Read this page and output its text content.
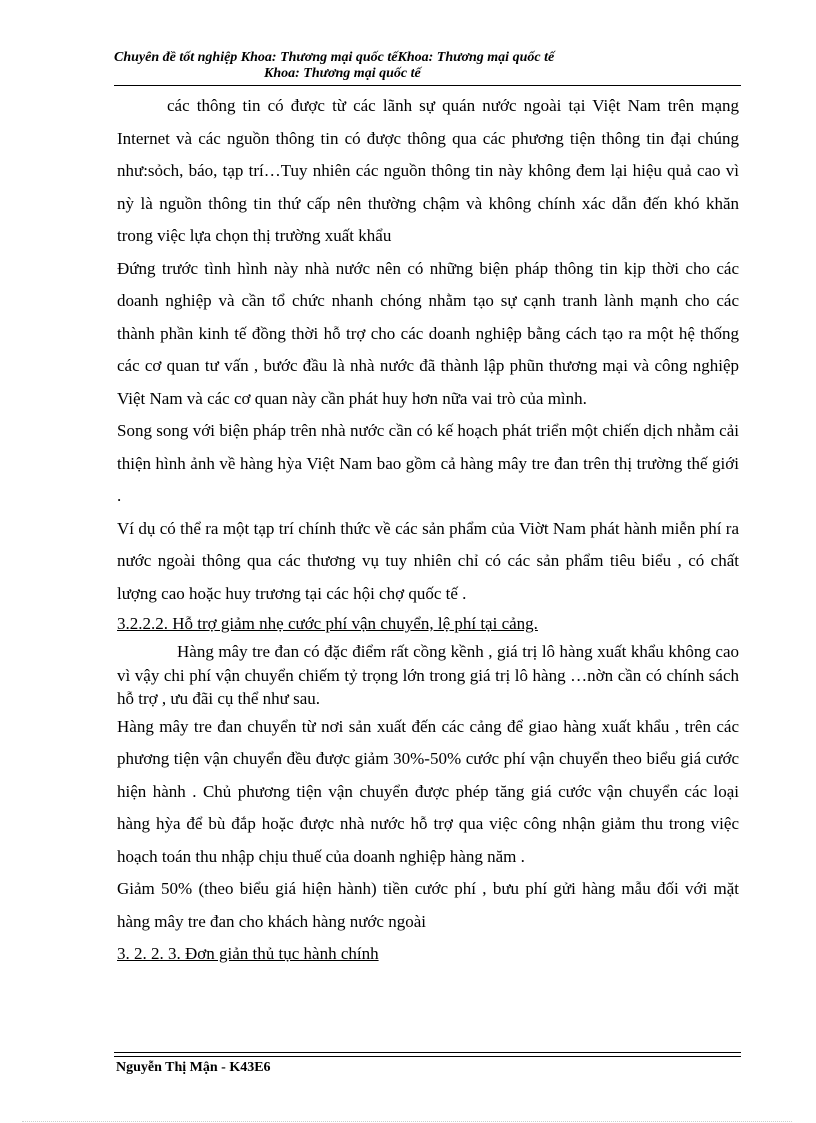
Chuyên đề tốt nghiệp Khoa: Thương mại quốc tếKhoa: Thương mại quốc tế
Khoa: Thương mại quốc tế

các thông tin có được từ các lãnh sự quán nước ngoài tại Việt Nam trên mạng Internet và các nguồn thông tin có được thông qua các phương tiện thông tin đại chúng như:sỏch, báo, tạp trí…Tuy nhiên các nguồn thông tin này không đem lại hiệu quả cao vì nỳ là nguồn thông tin thứ cấp nên thường chậm và không chính xác dẫn đến khó khăn trong việc lựa chọn thị trường xuất khẩu

Đứng trước tình hình này nhà nước nên có những biện pháp thông tin kịp thời cho các doanh nghiệp và cần tổ chức nhanh chóng nhằm tạo sự cạnh tranh lành mạnh cho các thành phần kinh tế đồng thời hỗ trợ cho các doanh nghiệp bằng cách tạo ra một hệ thống các cơ quan tư vấn , bước đầu là nhà nước đã thành lập phũn thương mại và công nghiệp Việt Nam và các cơ quan này cần phát huy hơn nữa vai trò của mình.

Song song với biện pháp trên nhà nước cần có kế hoạch phát triển một chiến dịch nhằm cải thiện hình ảnh về hàng hỳa Việt Nam bao gồm cả hàng mây tre đan trên thị trường thế giới .

Ví dụ có thể ra một tạp trí chính thức về các sản phẩm của Viờt Nam phát hành miễn phí ra nước ngoài thông qua các thương vụ tuy nhiên chỉ có các sản phẩm tiêu biểu , có chất lượng cao hoặc huy trương tại các hội chợ quốc tế .

3.2.2.2. Hỗ trợ giảm nhẹ cước phí vận chuyển, lệ phí tại cảng.

Hàng mây tre đan có đặc điểm rất cồng kềnh , giá trị lô hàng xuất khẩu không cao vì vậy chi phí vận chuyển chiếm tỷ trọng lớn trong giá trị lô hàng …nờn cần có chính sách hỗ trợ , ưu đãi cụ thể như sau.

Hàng mây tre đan chuyển từ nơi sản xuất đến các cảng để giao hàng xuất khẩu , trên các phương tiện vận chuyển đều được giảm 30%-50% cước phí vận chuyển theo biểu giá cước hiện hành . Chủ phương tiện vận chuyển được phép tăng giá cước vận chuyển các loại hàng hỳa để bù đắp hoặc được nhà nước hỗ trợ qua việc công nhận giảm thu trong việc hoạch toán thu nhập chịu thuế của doanh nghiệp hàng năm .

Giảm 50% (theo biểu giá hiện hành) tiền cước phí , bưu phí gửi hàng mẫu đối với mặt hàng mây tre đan cho khách hàng nước ngoài

3. 2. 2. 3. Đơn giản thủ tục hành chính

Nguyễn Thị Mận - K43E6
